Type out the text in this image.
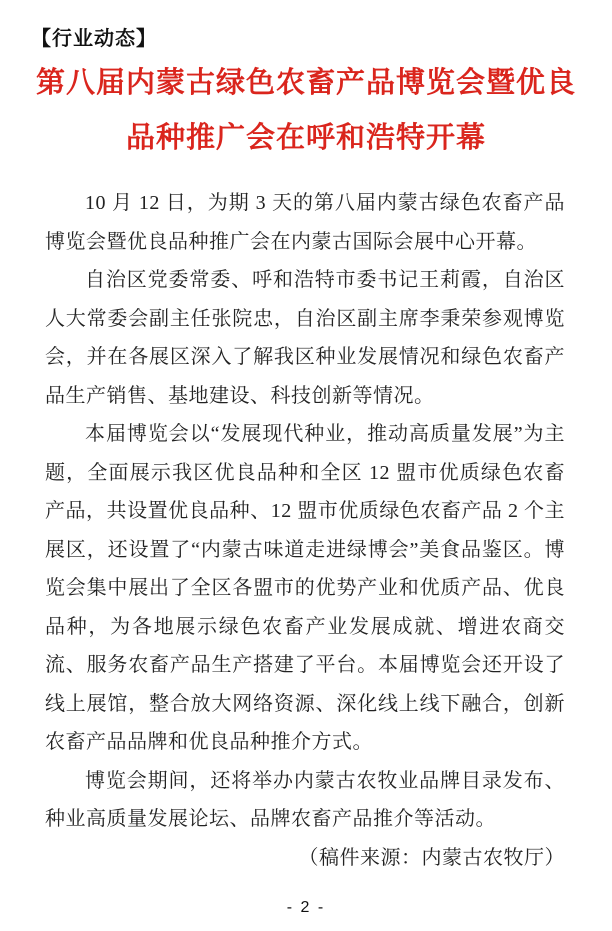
【行业动态】
第八届内蒙古绿色农畜产品博览会暨优良
品种推广会在呼和浩特开幕

10 月 12 日，为期 3 天的第八届内蒙古绿色农畜产品博览会暨优良品种推广会在内蒙古国际会展中心开幕。

自治区党委常委、呼和浩特市委书记王莉霞，自治区人大常委会副主任张院忠，自治区副主席李秉荣参观博览会，并在各展区深入了解我区种业发展情况和绿色农畜产品生产销售、基地建设、科技创新等情况。

本届博览会以“发展现代种业，推动高质量发展”为主题，全面展示我区优良品种和全区 12 盟市优质绿色农畜产品，共设置优良品种、12 盟市优质绿色农畜产品 2 个主展区，还设置了“内蒙古味道走进绿博会”美食品鉴区。博览会集中展出了全区各盟市的优势产业和优质产品、优良品种，为各地展示绿色农畜产业发展成就、增进农商交流、服务农畜产品生产搭建了平台。本届博览会还开设了线上展馆，整合放大网络资源、深化线上线下融合，创新农畜产品品牌和优良品种推介方式。

博览会期间，还将举办内蒙古农牧业品牌目录发布、种业高质量发展论坛、品牌农畜产品推介等活动。

（稿件来源：内蒙古农牧厅）

- 2 -
